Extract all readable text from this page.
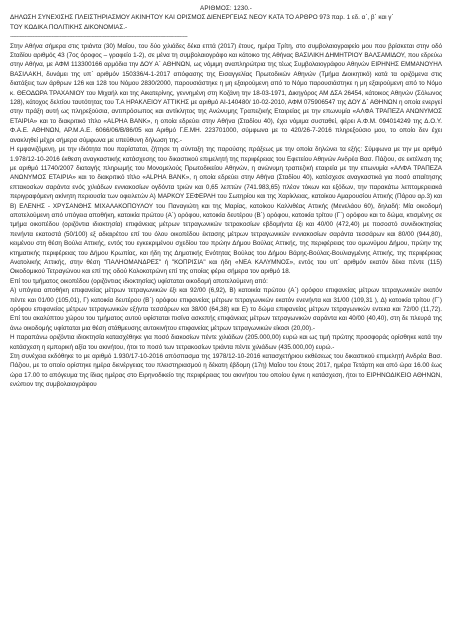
ΑΡΙΘΜΟΣ: 1230.-

ΔΗΛΩΣΗ ΣΥΝΕΧΙΣΗΣ ΠΛΕΙΣΤΗΡΙΑΣΜΟΥ ΑΚΙΝΗΤΟΥ ΚΑΙ ΟΡΙΣΜΟΣ ΔΙΕΝΕΡΓΕΙΑΣ ΝΕΟΥ ΚΑΤΑ ΤΟ ΑΡΘΡΟ 973 παρ. 1 εδ. α΄, β΄ και γ΄

ΤΟΥ ΚΩΔΙΚΑ ΠΟΛΙΤΙΚΗΣ ΔΙΚΟΝΟΜΙΑΣ.-

---------------------------------------------------------------------------------------------------------------

Στην Αθήνα σήμερα στις τριάντα (30) Μαΐου, του δύο χιλιάδες δέκα επτά (2017) έτους, ημέρα Τρίτη, στο συμβολαιογραφείο μου που βρίσκεται στην οδό Σταδίου αριθμός 43 (7ος όροφος – γραφείο 1-2), σε μένα τη συμβολαιογράφο και κάτοικο της Αθήνας ΒΑΣΙΛΙΚΗ ΔΗΜΗΤΡΙΟΥ ΒΑΛΣΑΜΙΔΟΥ, που εδρεύω στην Αθήνα, με ΑΦΜ 113300166 αρμόδια την ΔΟΥ Α΄ ΑΘΗΝΩΝ, ως νόμιμη αναπληρώτρια της τέως Συμβολαιογράφου Αθηνών ΕΙΡΗΝΗΣ ΕΜΜΑΝΟΥΗΛ ΒΑΣΙΛΑΚΗ, δυνάμει της υπ΄ αριθμόν 150336/4-1-2017 απόφασης της Εισαγγελίας Πρωτοδικών Αθηνών (Τμήμα Διοικητικό) κατά τα οριζόμενα στις διατάξεις των άρθρων 126 και 128 του Νόμου 2830/2000, παρουσιάστηκε η μη εξαιρούμενη από το Νόμο παρουσιάστηκε η μη εξαιρούμενη από το Νόμο κ. ΘΕΟΔΩΡΑ ΤΡΑΧΑΝΙΟΥ του Μιχαήλ και της Αικατερίνης, γεννημένη στη Κοζάνη την 18-03-1971, Δικηγόρος ΑΜ ΔΣΑ 26454, κάτοικος Αθηνών (Σόλωνος 128), κάτοχος δελτίου ταυτότητας του Τ.Α ΗΡΑΚΛΕΙΟΥ ΑΤΤΙΚΗΣ με αριθμό ΑΙ-140480/ 10-02-2010, ΑΦΜ 075906547 της ΔΟΥ Δ΄ ΑΘΗΝΩΝ η οποία ενεργεί στην πράξη αυτή ως πληρεξούσια, αντιπρόσωπος και αντίκλητος της Ανώνυμης Τραπεζικής Εταιρείας με την επωνυμία «ΑΛΦΑ ΤΡΑΠΕΖΑ ΑΝΩΝΥΜΟΣ ΕΤΑΙΡΙΑ» και το διακριτικό τίτλο «ALPHA BANK», η οποία εδρεύει στην Αθήνα (Σταδίου 40), έχει νόμιμα συσταθεί, φέρει Α.Φ.Μ. 094014249 της Δ.Ο.Υ. Φ.Α.Ε. ΑΘΗΝΩΝ, ΑΡ.Μ.Α.Ε. 6066/06/Β/86/05 και Αριθμό Γ.Ε.ΜΗ. 223701000, σύμφωνα με το 420/26-7-2016 πληρεξούσιο μου, το οποίο δεν έχει ανακληθεί μέχρι σήμερα σύμφωνα με υπεύθυνη δήλωση της.-

Η εμφανιζόμενη, με την ιδιότητα που παρίσταται, ζήτησε τη σύνταξη της παρούσης πράξεως με την οποία δηλώνει τα εξής: Σύμφωνα με την με αριθμό 1.978/12-10-2016 έκθεση αναγκαστικής κατάσχεσης του δικαστικού επιμελητή της περιφέρειας του Εφετείου Αθηνών Ανδρέα Βασ. Πάζιου, σε εκτέλεση της με αριθμό 11740/2007 διαταγής πληρωμής του Μονομελούς Πρωτοδικείου Αθηνών, η ανώνυμη τραπεζική εταιρεία με την επωνυμία «ΑΛΦΑ ΤΡΑΠΕΖΑ ΑΝΩΝΥΜΟΣ ΕΤΑΙΡΙΑ» και το διακριτικό τίτλο «ALPHA BANK», η οποία εδρεύει στην Αθήνα (Σταδίου 40), κατέσχεσε αναγκαστικά για ποσό απαίτησης επτακοσίων σαράντα ενός χιλιάδων εννιακοσίων ογδόντα τριών και 0,65 λεπτών (741.983,65) πλέον τόκων και εξόδων, την παρακάτω λεπτομερειακά περιγραφόμενη ακίνητη περιουσία των οφειλετών Α) ΜΑΡΚΟΥ ΣΕΦΕΡΛΗ του Σωτηρίου και της Χαρίκλειας, κατοίκου Αμαρουσίου Αττικής (Πάρου αρ.3) και Β) ΕΛΕΝΗΣ - ΧΡΥΣΑΝΘΗΣ ΜΙΧΑΛΑΚΟΠΟΥΛΟΥ του Παναγιώτη και της Μαρίας, κατοίκου Καλλιθέας Αττικής (Μενελάου 60), δηλαδή: Μία οικοδομή αποτελούμενη από υπόγεια αποθήκη, κατοικία πρώτου (Α΄) ορόφου, κατοικία δευτέρου (Β΄) ορόφου, κατοικία τρίτου (Γ΄) ορόφου και το δώμα, κτισμένης σε τμήμα οικοπέδου (οριζόντια ιδιοκτησία) επιφάνειας μέτρων τετραγωνικών τετρακοσίων εβδομήντα έξι και 40/00 (472,40) με ποσοστό συνιδιοκτησίας πενήντα εκατοστά (50/100) εξ αδιαιρέτου επί του όλου οικοπέδου έκτασης μέτρων τετραγωνικών εννιακοσίων σαράντα τεσσάρων και 80/00 (944,80), κειμένου στη θέση Βούλα Αττικής, εντός του εγκεκριμένου σχεδίου του πρώην Δήμου Βούλας Αττικής, της περιφέρειας του ομωνύμου Δήμου, πρώην της κτηματικής περιφέρειας του Δήμου Κρωπίας, και ήδη της Δημοτικής Ενότητας Βούλας του Δήμου Βάρης-Βούλας-Βουλιαγμένης Αττικής, της περιφέρειας Ανατολικής Αττικής, στην θέση "ΠΑΛΗΟΜΑΝΔΡΕΣ" ή "ΚΟΠΡΙΣΙΑ" και ήδη «ΝΕΑ ΚΑΛΥΜΝΟΣ», εντός του υπ΄ αριθμόν εκατόν δέκα πέντε (115) Οικοδομικού Τετραγώνου και επί της οδού Κολοκοτρώνη επί της οποίας φέρει σήμερα τον αριθμό 18.

Επί του τμήματος οικοπέδου (οριζόντιας ιδιοκτησίας) υφίσταται οικοδομή αποτελούμενη από:

Α) υπόγεια αποθήκη επιφανείας μέτρων τετραγωνικών έξι και 92/00 (6,92), Β) κατοικία πρώτου (Α΄) ορόφου επιφανείας μέτρων τετραγωνικών εκατόν πέντε και 01/00 (105,01), Γ) κατοικία δευτέρου (Β΄) ορόφου επιφανείας μέτρων τετραγωνικών εκατόν ενενήντα και 31/00 (109,31 ), Δ) κατοικία τρίτου (Γ΄) ορόφου επιφανείας μέτρων τετραγωνικών εξήντα τεσσάρων και 38/00 (64,38) και Ε) το δώμα επιφανείας μέτρων τετραγωνικών εντεκα και 72/00 (11,72). Επί του ακαλύπτου χώρου του τμήματος αυτού υφίσταται πισίνα ασκεπής επιφάνειας μέτρων τετραγωνικών σαράντα και 40/00 (40,40), στη δε πλευρά της άνω οικοδομής υφίσταται μια θέση στάθμευσης αυτοκινήτου επιφανείας μέτρων τετραγωνικών είκοσι (20,00).-

Η παραπάνω οριζόντια ιδιοκτησία κατασχέθηκε για ποσό διακοσίων πέντε χιλιάδων (205.000,00) ευρώ και ως τιμή πρώτης προσφοράς ορίσθηκε κατά την κατάσχεση η εμπορική αξία του ακινήτου, ήτοι το ποσό των τετρακοσίων τριάντα πέντε χιλιάδων (435.000,00) ευρώ.-

Στη συνέχεια εκδόθηκε το με αριθμό 1.930/17-10-2016 απόσπασμα της 1978/12-10-2016 κατασχετήριου εκθέσεως του δικαστικού επιμελητή Ανδρέα Βασ. Πάζιου, με το οποίο ορίστηκε ημέρα διενέργειας του πλειστηριασμού η δέκατη έβδομη (17η) Μαΐου του έτους 2017, ημέρα Τετάρτη και από ώρα 16.00 έως ώρα 17.00 το απόγευμα της ίδιας ημέρας στο Ειρηνοδικείο της περιφέρειας του ακινήτου του οποίου έγινε η κατάσχεση, ήτοι το ΕΙΡΗΝΟΔΙΚΕΙΟ ΑΘΗΝΩΝ, ενώπιον της συμβολαιογράφου
